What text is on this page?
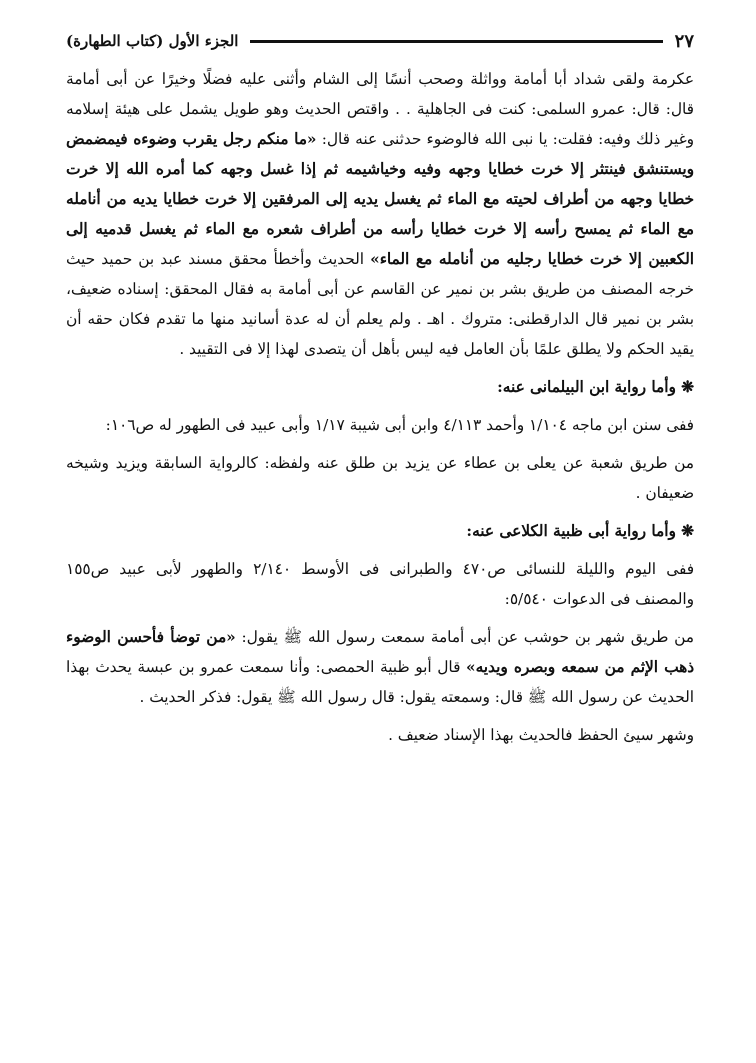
الجزء الأول (كتاب الطهارة)	٢٧

عكرمة ولقى شداد أبا أمامة وواثلة وصحب أنسًا إلى الشام وأثنى عليه فضلًا وخيرًا عن أبى أمامة قال: قال: عمرو السلمى: كنت فى الجاهلية . . واقتص الحديث وهو طويل يشمل على هيئة إسلامه وغير ذلك وفيه: فقلت: يا نبى الله فالوضوء حدثنى عنه قال: «ما منكم رجل يقرب وضوءه فيمضمض ويستنشق فينتثر إلا خرت خطايا وجهه وفيه وخياشيمه ثم إذا غسل وجهه كما أمره الله إلا خرت خطايا وجهه من أطراف لحيته مع الماء ثم يغسل يديه إلى المرفقين إلا خرت خطايا يديه من أنامله مع الماء ثم يمسح رأسه إلا خرت خطايا رأسه من أطراف شعره مع الماء ثم يغسل قدميه إلى الكعبين إلا خرت خطايا رجليه من أنامله مع الماء» الحديث وأخطأ محقق مسند عبد بن حميد حيث خرجه المصنف من طريق بشر بن نمير عن القاسم عن أبى أمامة به فقال المحقق: إسناده ضعيف، بشر بن نمير قال الدارقطنى: متروك . اهـ . ولم يعلم أن له عدة أسانيد منها ما تقدم فكان حقه أن يقيد الحكم ولا يطلق علمًا بأن العامل فيه ليس بأهل أن يتصدى لهذا إلا فى التقييد .

❋ وأما رواية ابن البيلمانى عنه:

ففى سنن ابن ماجه ١/١٠٤ وأحمد ٤/١١٣ وابن أبى شيبة ١/١٧ وأبى عبيد فى الطهور له ص١٠٦:

من طريق شعبة عن يعلى بن عطاء عن يزيد بن طلق عنه ولفظه: كالرواية السابقة ويزيد وشيخه ضعيفان .

❋ وأما رواية أبى ظبية الكلاعى عنه:

ففى اليوم والليلة للنسائى ص٤٧٠ والطبرانى فى الأوسط ٢/١٤٠ والطهور لأبى عبيد ص١٥٥ والمصنف فى الدعوات ٥/٥٤٠:

من طريق شهر بن حوشب عن أبى أمامة سمعت رسول الله ﷺ يقول: «من توضأ فأحسن الوضوء ذهب الإثم من سمعه وبصره ويديه» قال أبو ظبية الحمصى: وأنا سمعت عمرو بن عبسة يحدث بهذا الحديث عن رسول الله ﷺ قال: وسمعته يقول: قال رسول الله ﷺ يقول: فذكر الحديث .

وشهر سيئ الحفظ فالحديث بهذا الإسناد ضعيف .
